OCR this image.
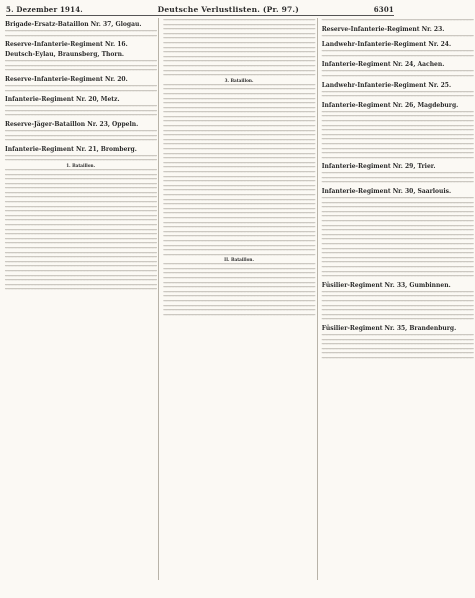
5. Dezember 1914.	Deutsche Verlustlisten. (Pr. 97.)	6301
Brigade-Ersatz-Bataillon Nr. 37, Glogau.
━━━━━━━━━━━━━━━━━━━━━━━━━━━━━━━━━━━━━━━━━━━━━━━━━━━━━━━━━━━━━━━━━━━━━━━━━━━━━━━━━━━━━━━━━━━━━━━━━━━━━━━━━
━━━━━━━━━━━━━━━━━━━━━━━━━━━━━━━━━━━━━━━━━━━━━━━━━━━━━━━━━━━━━━━━━━━━━━━━━━━━━━━━━━━━━━━━━━━━━━━━━━━━━━━━━
Reserve-Infanterie-Regiment Nr. 16.
Deutsch-Eylau, Braunsberg, Thorn.
━━━━━━━━━━━━━━━━━━━━━━━━━━━━━━━━━━━━━━━━━━━━━━━━━━━━━━━━━━━━━━━━━━━━━━━━━━━━━━━━━━━━━━━━━━━━━━━━━━━━━━━━━
━━━━━━━━━━━━━━━━━━━━━━━━━━━━━━━━━━━━━━━━━━━━━━━━━━━━━━━━━━━━━━━━━━━━━━━━━━━━━━━━━━━━━━━━━━━━━━━━━━━━━━━━━
━━━━━━━━━━━━━━━━━━━━━━━━━━━━━━━━━━━━━━━━━━━━━━━━━━━━━━━━━━━━━━━━━━━━━━━━━━━━━━━━━━━━━━━━━━━━━━━━━━━━━━━━━
Reserve-Infanterie-Regiment Nr. 20.
━━━━━━━━━━━━━━━━━━━━━━━━━━━━━━━━━━━━━━━━━━━━━━━━━━━━━━━━━━━━━━━━━━━━━━━━━━━━━━━━━━━━━━━━━━━━━━━━━━━━━━━━━
━━━━━━━━━━━━━━━━━━━━━━━━━━━━━━━━━━━━━━━━━━━━━━━━━━━━━━━━━━━━━━━━━━━━━━━━━━━━━━━━━━━━━━━━━━━━━━━━━━━━━━━━━
Infanterie-Regiment Nr. 20, Metz.
━━━━━━━━━━━━━━━━━━━━━━━━━━━━━━━━━━━━━━━━━━━━━━━━━━━━━━━━━━━━━━━━━━━━━━━━━━━━━━━━━━━━━━━━━━━━━━━━━━━━━━━━━
━━━━━━━━━━━━━━━━━━━━━━━━━━━━━━━━━━━━━━━━━━━━━━━━━━━━━━━━━━━━━━━━━━━━━━━━━━━━━━━━━━━━━━━━━━━━━━━━━━━━━━━━━
━━━━━━━━━━━━━━━━━━━━━━━━━━━━━━━━━━━━━━━━━━━━━━━━━━━━━━━━━━━━━━━━━━━━━━━━━━━━━━━━━━━━━━━━━━━━━━━━━━━━━━━━━
Reserve-Jäger-Bataillon Nr. 23, Oppeln.
━━━━━━━━━━━━━━━━━━━━━━━━━━━━━━━━━━━━━━━━━━━━━━━━━━━━━━━━━━━━━━━━━━━━━━━━━━━━━━━━━━━━━━━━━━━━━━━━━━━━━━━━━
━━━━━━━━━━━━━━━━━━━━━━━━━━━━━━━━━━━━━━━━━━━━━━━━━━━━━━━━━━━━━━━━━━━━━━━━━━━━━━━━━━━━━━━━━━━━━━━━━━━━━━━━━
━━━━━━━━━━━━━━━━━━━━━━━━━━━━━━━━━━━━━━━━━━━━━━━━━━━━━━━━━━━━━━━━━━━━━━━━━━━━━━━━━━━━━━━━━━━━━━━━━━━━━━━━━
Infanterie-Regiment Nr. 21, Bromberg.
━━━━━━━━━━━━━━━━━━━━━━━━━━━━━━━━━━━━━━━━━━━━━━━━━━━━━━━━━━━━━━━━━━━━━━━━━━━━━━━━━━━━━━━━━━━━━━━━━━━━━━━━━
━━━━━━━━━━━━━━━━━━━━━━━━━━━━━━━━━━━━━━━━━━━━━━━━━━━━━━━━━━━━━━━━━━━━━━━━━━━━━━━━━━━━━━━━━━━━━━━━━━━━━━━━━
1. Bataillon.
━━━━━━━━━━━━━━━━━━━━━━━━━━━━━━━━━━━━━━━━━━━━━━━━━━━━━━━━━━━━━━━━━━━━━━━━━━━━━━━━━━━━━━━━━━━━━━━━━━━━━━━━━
━━━━━━━━━━━━━━━━━━━━━━━━━━━━━━━━━━━━━━━━━━━━━━━━━━━━━━━━━━━━━━━━━━━━━━━━━━━━━━━━━━━━━━━━━━━━━━━━━━━━━━━━━
━━━━━━━━━━━━━━━━━━━━━━━━━━━━━━━━━━━━━━━━━━━━━━━━━━━━━━━━━━━━━━━━━━━━━━━━━━━━━━━━━━━━━━━━━━━━━━━━━━━━━━━━━
━━━━━━━━━━━━━━━━━━━━━━━━━━━━━━━━━━━━━━━━━━━━━━━━━━━━━━━━━━━━━━━━━━━━━━━━━━━━━━━━━━━━━━━━━━━━━━━━━━━━━━━━━
━━━━━━━━━━━━━━━━━━━━━━━━━━━━━━━━━━━━━━━━━━━━━━━━━━━━━━━━━━━━━━━━━━━━━━━━━━━━━━━━━━━━━━━━━━━━━━━━━━━━━━━━━
━━━━━━━━━━━━━━━━━━━━━━━━━━━━━━━━━━━━━━━━━━━━━━━━━━━━━━━━━━━━━━━━━━━━━━━━━━━━━━━━━━━━━━━━━━━━━━━━━━━━━━━━━
━━━━━━━━━━━━━━━━━━━━━━━━━━━━━━━━━━━━━━━━━━━━━━━━━━━━━━━━━━━━━━━━━━━━━━━━━━━━━━━━━━━━━━━━━━━━━━━━━━━━━━━━━
━━━━━━━━━━━━━━━━━━━━━━━━━━━━━━━━━━━━━━━━━━━━━━━━━━━━━━━━━━━━━━━━━━━━━━━━━━━━━━━━━━━━━━━━━━━━━━━━━━━━━━━━━
━━━━━━━━━━━━━━━━━━━━━━━━━━━━━━━━━━━━━━━━━━━━━━━━━━━━━━━━━━━━━━━━━━━━━━━━━━━━━━━━━━━━━━━━━━━━━━━━━━━━━━━━━
━━━━━━━━━━━━━━━━━━━━━━━━━━━━━━━━━━━━━━━━━━━━━━━━━━━━━━━━━━━━━━━━━━━━━━━━━━━━━━━━━━━━━━━━━━━━━━━━━━━━━━━━━
━━━━━━━━━━━━━━━━━━━━━━━━━━━━━━━━━━━━━━━━━━━━━━━━━━━━━━━━━━━━━━━━━━━━━━━━━━━━━━━━━━━━━━━━━━━━━━━━━━━━━━━━━
━━━━━━━━━━━━━━━━━━━━━━━━━━━━━━━━━━━━━━━━━━━━━━━━━━━━━━━━━━━━━━━━━━━━━━━━━━━━━━━━━━━━━━━━━━━━━━━━━━━━━━━━━
━━━━━━━━━━━━━━━━━━━━━━━━━━━━━━━━━━━━━━━━━━━━━━━━━━━━━━━━━━━━━━━━━━━━━━━━━━━━━━━━━━━━━━━━━━━━━━━━━━━━━━━━━
━━━━━━━━━━━━━━━━━━━━━━━━━━━━━━━━━━━━━━━━━━━━━━━━━━━━━━━━━━━━━━━━━━━━━━━━━━━━━━━━━━━━━━━━━━━━━━━━━━━━━━━━━
━━━━━━━━━━━━━━━━━━━━━━━━━━━━━━━━━━━━━━━━━━━━━━━━━━━━━━━━━━━━━━━━━━━━━━━━━━━━━━━━━━━━━━━━━━━━━━━━━━━━━━━━━
━━━━━━━━━━━━━━━━━━━━━━━━━━━━━━━━━━━━━━━━━━━━━━━━━━━━━━━━━━━━━━━━━━━━━━━━━━━━━━━━━━━━━━━━━━━━━━━━━━━━━━━━━
━━━━━━━━━━━━━━━━━━━━━━━━━━━━━━━━━━━━━━━━━━━━━━━━━━━━━━━━━━━━━━━━━━━━━━━━━━━━━━━━━━━━━━━━━━━━━━━━━━━━━━━━━
━━━━━━━━━━━━━━━━━━━━━━━━━━━━━━━━━━━━━━━━━━━━━━━━━━━━━━━━━━━━━━━━━━━━━━━━━━━━━━━━━━━━━━━━━━━━━━━━━━━━━━━━━
━━━━━━━━━━━━━━━━━━━━━━━━━━━━━━━━━━━━━━━━━━━━━━━━━━━━━━━━━━━━━━━━━━━━━━━━━━━━━━━━━━━━━━━━━━━━━━━━━━━━━━━━━
━━━━━━━━━━━━━━━━━━━━━━━━━━━━━━━━━━━━━━━━━━━━━━━━━━━━━━━━━━━━━━━━━━━━━━━━━━━━━━━━━━━━━━━━━━━━━━━━━━━━━━━━━
━━━━━━━━━━━━━━━━━━━━━━━━━━━━━━━━━━━━━━━━━━━━━━━━━━━━━━━━━━━━━━━━━━━━━━━━━━━━━━━━━━━━━━━━━━━━━━━━━━━━━━━━━
━━━━━━━━━━━━━━━━━━━━━━━━━━━━━━━━━━━━━━━━━━━━━━━━━━━━━━━━━━━━━━━━━━━━━━━━━━━━━━━━━━━━━━━━━━━━━━━━━━━━━━━━━
━━━━━━━━━━━━━━━━━━━━━━━━━━━━━━━━━━━━━━━━━━━━━━━━━━━━━━━━━━━━━━━━━━━━━━━━━━━━━━━━━━━━━━━━━━━━━━━━━━━━━━━━━
━━━━━━━━━━━━━━━━━━━━━━━━━━━━━━━━━━━━━━━━━━━━━━━━━━━━━━━━━━━━━━━━━━━━━━━━━━━━━━━━━━━━━━━━━━━━━━━━━━━━━━━━━
━━━━━━━━━━━━━━━━━━━━━━━━━━━━━━━━━━━━━━━━━━━━━━━━━━━━━━━━━━━━━━━━━━━━━━━━━━━━━━━━━━━━━━━━━━━━━━━━━━━━━━━━━
━━━━━━━━━━━━━━━━━━━━━━━━━━━━━━━━━━━━━━━━━━━━━━━━━━━━━━━━━━━━━━━━━━━━━━━━━━━━━━━━━━━━━━━━━━━━━━━━━━━━━━━━━
━━━━━━━━━━━━━━━━━━━━━━━━━━━━━━━━━━━━━━━━━━━━━━━━━━━━━━━━━━━━━━━━━━━━━━━━━━━━━━━━━━━━━━━━━━━━━━━━━━━━━━━━━
━━━━━━━━━━━━━━━━━━━━━━━━━━━━━━━━━━━━━━━━━━━━━━━━━━━━━━━━━━━━━━━━━━━━━━━━━━━━━━━━━━━━━━━━━━━━━━━━━━━━━━━━━
━━━━━━━━━━━━━━━━━━━━━━━━━━━━━━━━━━━━━━━━━━━━━━━━━━━━━━━━━━━━━━━━━━━━━━━━━━━━━━━━━━━━━━━━━━━━━━━━━━━━━━━━━
━━━━━━━━━━━━━━━━━━━━━━━━━━━━━━━━━━━━━━━━━━━━━━━━━━━━━━━━━━━━━━━━━━━━━━━━━━━━━━━━━━━━━━━━━━━━━━━━━━━━━━━━━
━━━━━━━━━━━━━━━━━━━━━━━━━━━━━━━━━━━━━━━━━━━━━━━━━━━━━━━━━━━━━━━━━━━━━━━━━━━━━━━━━━━━━━━━━━━━━━━━━━━━━━━━━
━━━━━━━━━━━━━━━━━━━━━━━━━━━━━━━━━━━━━━━━━━━━━━━━━━━━━━━━━━━━━━━━━━━━━━━━━━━━━━━━━━━━━━━━━━━━━━━━━━━━━━━━━
━━━━━━━━━━━━━━━━━━━━━━━━━━━━━━━━━━━━━━━━━━━━━━━━━━━━━━━━━━━━━━━━━━━━━━━━━━━━━━━━━━━━━━━━━━━━━━━━━━━━━━━━━
━━━━━━━━━━━━━━━━━━━━━━━━━━━━━━━━━━━━━━━━━━━━━━━━━━━━━━━━━━━━━━━━━━━━━━━━━━━━━━━━━━━━━━━━━━━━━━━━━━━━━━━━━
━━━━━━━━━━━━━━━━━━━━━━━━━━━━━━━━━━━━━━━━━━━━━━━━━━━━━━━━━━━━━━━━━━━━━━━━━━━━━━━━━━━━━━━━━━━━━━━━━━━━━━━━━
━━━━━━━━━━━━━━━━━━━━━━━━━━━━━━━━━━━━━━━━━━━━━━━━━━━━━━━━━━━━━━━━━━━━━━━━━━━━━━━━━━━━━━━━━━━━━━━━━━━━━━━━━
━━━━━━━━━━━━━━━━━━━━━━━━━━━━━━━━━━━━━━━━━━━━━━━━━━━━━━━━━━━━━━━━━━━━━━━━━━━━━━━━━━━━━━━━━━━━━━━━━━━━━━━━━
━━━━━━━━━━━━━━━━━━━━━━━━━━━━━━━━━━━━━━━━━━━━━━━━━━━━━━━━━━━━━━━━━━━━━━━━━━━━━━━━━━━━━━━━━━━━━━━━━━━━━━━━━
━━━━━━━━━━━━━━━━━━━━━━━━━━━━━━━━━━━━━━━━━━━━━━━━━━━━━━━━━━━━━━━━━━━━━━━━━━━━━━━━━━━━━━━━━━━━━━━━━━━━━━━━━
━━━━━━━━━━━━━━━━━━━━━━━━━━━━━━━━━━━━━━━━━━━━━━━━━━━━━━━━━━━━━━━━━━━━━━━━━━━━━━━━━━━━━━━━━━━━━━━━━━━━━━━━━
3. Bataillon.
━━━━━━━━━━━━━━━━━━━━━━━━━━━━━━━━━━━━━━━━━━━━━━━━━━━━━━━━━━━━━━━━━━━━━━━━━━━━━━━━━━━━━━━━━━━━━━━━━━━━━━━━━
━━━━━━━━━━━━━━━━━━━━━━━━━━━━━━━━━━━━━━━━━━━━━━━━━━━━━━━━━━━━━━━━━━━━━━━━━━━━━━━━━━━━━━━━━━━━━━━━━━━━━━━━━
━━━━━━━━━━━━━━━━━━━━━━━━━━━━━━━━━━━━━━━━━━━━━━━━━━━━━━━━━━━━━━━━━━━━━━━━━━━━━━━━━━━━━━━━━━━━━━━━━━━━━━━━━
━━━━━━━━━━━━━━━━━━━━━━━━━━━━━━━━━━━━━━━━━━━━━━━━━━━━━━━━━━━━━━━━━━━━━━━━━━━━━━━━━━━━━━━━━━━━━━━━━━━━━━━━━
━━━━━━━━━━━━━━━━━━━━━━━━━━━━━━━━━━━━━━━━━━━━━━━━━━━━━━━━━━━━━━━━━━━━━━━━━━━━━━━━━━━━━━━━━━━━━━━━━━━━━━━━━
━━━━━━━━━━━━━━━━━━━━━━━━━━━━━━━━━━━━━━━━━━━━━━━━━━━━━━━━━━━━━━━━━━━━━━━━━━━━━━━━━━━━━━━━━━━━━━━━━━━━━━━━━
━━━━━━━━━━━━━━━━━━━━━━━━━━━━━━━━━━━━━━━━━━━━━━━━━━━━━━━━━━━━━━━━━━━━━━━━━━━━━━━━━━━━━━━━━━━━━━━━━━━━━━━━━
━━━━━━━━━━━━━━━━━━━━━━━━━━━━━━━━━━━━━━━━━━━━━━━━━━━━━━━━━━━━━━━━━━━━━━━━━━━━━━━━━━━━━━━━━━━━━━━━━━━━━━━━━
━━━━━━━━━━━━━━━━━━━━━━━━━━━━━━━━━━━━━━━━━━━━━━━━━━━━━━━━━━━━━━━━━━━━━━━━━━━━━━━━━━━━━━━━━━━━━━━━━━━━━━━━━
━━━━━━━━━━━━━━━━━━━━━━━━━━━━━━━━━━━━━━━━━━━━━━━━━━━━━━━━━━━━━━━━━━━━━━━━━━━━━━━━━━━━━━━━━━━━━━━━━━━━━━━━━
━━━━━━━━━━━━━━━━━━━━━━━━━━━━━━━━━━━━━━━━━━━━━━━━━━━━━━━━━━━━━━━━━━━━━━━━━━━━━━━━━━━━━━━━━━━━━━━━━━━━━━━━━
━━━━━━━━━━━━━━━━━━━━━━━━━━━━━━━━━━━━━━━━━━━━━━━━━━━━━━━━━━━━━━━━━━━━━━━━━━━━━━━━━━━━━━━━━━━━━━━━━━━━━━━━━
━━━━━━━━━━━━━━━━━━━━━━━━━━━━━━━━━━━━━━━━━━━━━━━━━━━━━━━━━━━━━━━━━━━━━━━━━━━━━━━━━━━━━━━━━━━━━━━━━━━━━━━━━
━━━━━━━━━━━━━━━━━━━━━━━━━━━━━━━━━━━━━━━━━━━━━━━━━━━━━━━━━━━━━━━━━━━━━━━━━━━━━━━━━━━━━━━━━━━━━━━━━━━━━━━━━
━━━━━━━━━━━━━━━━━━━━━━━━━━━━━━━━━━━━━━━━━━━━━━━━━━━━━━━━━━━━━━━━━━━━━━━━━━━━━━━━━━━━━━━━━━━━━━━━━━━━━━━━━
━━━━━━━━━━━━━━━━━━━━━━━━━━━━━━━━━━━━━━━━━━━━━━━━━━━━━━━━━━━━━━━━━━━━━━━━━━━━━━━━━━━━━━━━━━━━━━━━━━━━━━━━━
━━━━━━━━━━━━━━━━━━━━━━━━━━━━━━━━━━━━━━━━━━━━━━━━━━━━━━━━━━━━━━━━━━━━━━━━━━━━━━━━━━━━━━━━━━━━━━━━━━━━━━━━━
━━━━━━━━━━━━━━━━━━━━━━━━━━━━━━━━━━━━━━━━━━━━━━━━━━━━━━━━━━━━━━━━━━━━━━━━━━━━━━━━━━━━━━━━━━━━━━━━━━━━━━━━━
━━━━━━━━━━━━━━━━━━━━━━━━━━━━━━━━━━━━━━━━━━━━━━━━━━━━━━━━━━━━━━━━━━━━━━━━━━━━━━━━━━━━━━━━━━━━━━━━━━━━━━━━━
━━━━━━━━━━━━━━━━━━━━━━━━━━━━━━━━━━━━━━━━━━━━━━━━━━━━━━━━━━━━━━━━━━━━━━━━━━━━━━━━━━━━━━━━━━━━━━━━━━━━━━━━━
━━━━━━━━━━━━━━━━━━━━━━━━━━━━━━━━━━━━━━━━━━━━━━━━━━━━━━━━━━━━━━━━━━━━━━━━━━━━━━━━━━━━━━━━━━━━━━━━━━━━━━━━━
━━━━━━━━━━━━━━━━━━━━━━━━━━━━━━━━━━━━━━━━━━━━━━━━━━━━━━━━━━━━━━━━━━━━━━━━━━━━━━━━━━━━━━━━━━━━━━━━━━━━━━━━━
━━━━━━━━━━━━━━━━━━━━━━━━━━━━━━━━━━━━━━━━━━━━━━━━━━━━━━━━━━━━━━━━━━━━━━━━━━━━━━━━━━━━━━━━━━━━━━━━━━━━━━━━━
━━━━━━━━━━━━━━━━━━━━━━━━━━━━━━━━━━━━━━━━━━━━━━━━━━━━━━━━━━━━━━━━━━━━━━━━━━━━━━━━━━━━━━━━━━━━━━━━━━━━━━━━━
━━━━━━━━━━━━━━━━━━━━━━━━━━━━━━━━━━━━━━━━━━━━━━━━━━━━━━━━━━━━━━━━━━━━━━━━━━━━━━━━━━━━━━━━━━━━━━━━━━━━━━━━━
━━━━━━━━━━━━━━━━━━━━━━━━━━━━━━━━━━━━━━━━━━━━━━━━━━━━━━━━━━━━━━━━━━━━━━━━━━━━━━━━━━━━━━━━━━━━━━━━━━━━━━━━━
━━━━━━━━━━━━━━━━━━━━━━━━━━━━━━━━━━━━━━━━━━━━━━━━━━━━━━━━━━━━━━━━━━━━━━━━━━━━━━━━━━━━━━━━━━━━━━━━━━━━━━━━━
━━━━━━━━━━━━━━━━━━━━━━━━━━━━━━━━━━━━━━━━━━━━━━━━━━━━━━━━━━━━━━━━━━━━━━━━━━━━━━━━━━━━━━━━━━━━━━━━━━━━━━━━━
━━━━━━━━━━━━━━━━━━━━━━━━━━━━━━━━━━━━━━━━━━━━━━━━━━━━━━━━━━━━━━━━━━━━━━━━━━━━━━━━━━━━━━━━━━━━━━━━━━━━━━━━━
━━━━━━━━━━━━━━━━━━━━━━━━━━━━━━━━━━━━━━━━━━━━━━━━━━━━━━━━━━━━━━━━━━━━━━━━━━━━━━━━━━━━━━━━━━━━━━━━━━━━━━━━━
━━━━━━━━━━━━━━━━━━━━━━━━━━━━━━━━━━━━━━━━━━━━━━━━━━━━━━━━━━━━━━━━━━━━━━━━━━━━━━━━━━━━━━━━━━━━━━━━━━━━━━━━━
━━━━━━━━━━━━━━━━━━━━━━━━━━━━━━━━━━━━━━━━━━━━━━━━━━━━━━━━━━━━━━━━━━━━━━━━━━━━━━━━━━━━━━━━━━━━━━━━━━━━━━━━━
━━━━━━━━━━━━━━━━━━━━━━━━━━━━━━━━━━━━━━━━━━━━━━━━━━━━━━━━━━━━━━━━━━━━━━━━━━━━━━━━━━━━━━━━━━━━━━━━━━━━━━━━━
━━━━━━━━━━━━━━━━━━━━━━━━━━━━━━━━━━━━━━━━━━━━━━━━━━━━━━━━━━━━━━━━━━━━━━━━━━━━━━━━━━━━━━━━━━━━━━━━━━━━━━━━━
━━━━━━━━━━━━━━━━━━━━━━━━━━━━━━━━━━━━━━━━━━━━━━━━━━━━━━━━━━━━━━━━━━━━━━━━━━━━━━━━━━━━━━━━━━━━━━━━━━━━━━━━━
━━━━━━━━━━━━━━━━━━━━━━━━━━━━━━━━━━━━━━━━━━━━━━━━━━━━━━━━━━━━━━━━━━━━━━━━━━━━━━━━━━━━━━━━━━━━━━━━━━━━━━━━━
━━━━━━━━━━━━━━━━━━━━━━━━━━━━━━━━━━━━━━━━━━━━━━━━━━━━━━━━━━━━━━━━━━━━━━━━━━━━━━━━━━━━━━━━━━━━━━━━━━━━━━━━━
━━━━━━━━━━━━━━━━━━━━━━━━━━━━━━━━━━━━━━━━━━━━━━━━━━━━━━━━━━━━━━━━━━━━━━━━━━━━━━━━━━━━━━━━━━━━━━━━━━━━━━━━━
II. Bataillon.
━━━━━━━━━━━━━━━━━━━━━━━━━━━━━━━━━━━━━━━━━━━━━━━━━━━━━━━━━━━━━━━━━━━━━━━━━━━━━━━━━━━━━━━━━━━━━━━━━━━━━━━━━
━━━━━━━━━━━━━━━━━━━━━━━━━━━━━━━━━━━━━━━━━━━━━━━━━━━━━━━━━━━━━━━━━━━━━━━━━━━━━━━━━━━━━━━━━━━━━━━━━━━━━━━━━
━━━━━━━━━━━━━━━━━━━━━━━━━━━━━━━━━━━━━━━━━━━━━━━━━━━━━━━━━━━━━━━━━━━━━━━━━━━━━━━━━━━━━━━━━━━━━━━━━━━━━━━━━
━━━━━━━━━━━━━━━━━━━━━━━━━━━━━━━━━━━━━━━━━━━━━━━━━━━━━━━━━━━━━━━━━━━━━━━━━━━━━━━━━━━━━━━━━━━━━━━━━━━━━━━━━
━━━━━━━━━━━━━━━━━━━━━━━━━━━━━━━━━━━━━━━━━━━━━━━━━━━━━━━━━━━━━━━━━━━━━━━━━━━━━━━━━━━━━━━━━━━━━━━━━━━━━━━━━
━━━━━━━━━━━━━━━━━━━━━━━━━━━━━━━━━━━━━━━━━━━━━━━━━━━━━━━━━━━━━━━━━━━━━━━━━━━━━━━━━━━━━━━━━━━━━━━━━━━━━━━━━
━━━━━━━━━━━━━━━━━━━━━━━━━━━━━━━━━━━━━━━━━━━━━━━━━━━━━━━━━━━━━━━━━━━━━━━━━━━━━━━━━━━━━━━━━━━━━━━━━━━━━━━━━
━━━━━━━━━━━━━━━━━━━━━━━━━━━━━━━━━━━━━━━━━━━━━━━━━━━━━━━━━━━━━━━━━━━━━━━━━━━━━━━━━━━━━━━━━━━━━━━━━━━━━━━━━
━━━━━━━━━━━━━━━━━━━━━━━━━━━━━━━━━━━━━━━━━━━━━━━━━━━━━━━━━━━━━━━━━━━━━━━━━━━━━━━━━━━━━━━━━━━━━━━━━━━━━━━━━
━━━━━━━━━━━━━━━━━━━━━━━━━━━━━━━━━━━━━━━━━━━━━━━━━━━━━━━━━━━━━━━━━━━━━━━━━━━━━━━━━━━━━━━━━━━━━━━━━━━━━━━━━
━━━━━━━━━━━━━━━━━━━━━━━━━━━━━━━━━━━━━━━━━━━━━━━━━━━━━━━━━━━━━━━━━━━━━━━━━━━━━━━━━━━━━━━━━━━━━━━━━━━━━━━━━
━━━━━━━━━━━━━━━━━━━━━━━━━━━━━━━━━━━━━━━━━━━━━━━━━━━━━━━━━━━━━━━━━━━━━━━━━━━━━━━━━━━━━━━━━━━━━━━━━━━━━━━━━
━━━━━━━━━━━━━━━━━━━━━━━━━━━━━━━━━━━━━━━━━━━━━━━━━━━━━━━━━━━━━━━━━━━━━━━━━━━━━━━━━━━━━━━━━━━━━━━━━━━━━━━━━
Reserve-Infanterie-Regiment Nr. 23.
━━━━━━━━━━━━━━━━━━━━━━━━━━━━━━━━━━━━━━━━━━━━━━━━━━━━━━━━━━━━━━━━━━━━━━━━━━━━━━━━━━━━━━━━━━━━━━━━━━━━━━━━━
Landwehr-Infanterie-Regiment Nr. 24.
━━━━━━━━━━━━━━━━━━━━━━━━━━━━━━━━━━━━━━━━━━━━━━━━━━━━━━━━━━━━━━━━━━━━━━━━━━━━━━━━━━━━━━━━━━━━━━━━━━━━━━━━━
━━━━━━━━━━━━━━━━━━━━━━━━━━━━━━━━━━━━━━━━━━━━━━━━━━━━━━━━━━━━━━━━━━━━━━━━━━━━━━━━━━━━━━━━━━━━━━━━━━━━━━━━━
Infanterie-Regiment Nr. 24, Aachen.
━━━━━━━━━━━━━━━━━━━━━━━━━━━━━━━━━━━━━━━━━━━━━━━━━━━━━━━━━━━━━━━━━━━━━━━━━━━━━━━━━━━━━━━━━━━━━━━━━━━━━━━━━
━━━━━━━━━━━━━━━━━━━━━━━━━━━━━━━━━━━━━━━━━━━━━━━━━━━━━━━━━━━━━━━━━━━━━━━━━━━━━━━━━━━━━━━━━━━━━━━━━━━━━━━━━
Landwehr-Infanterie-Regiment Nr. 25.
━━━━━━━━━━━━━━━━━━━━━━━━━━━━━━━━━━━━━━━━━━━━━━━━━━━━━━━━━━━━━━━━━━━━━━━━━━━━━━━━━━━━━━━━━━━━━━━━━━━━━━━━━
━━━━━━━━━━━━━━━━━━━━━━━━━━━━━━━━━━━━━━━━━━━━━━━━━━━━━━━━━━━━━━━━━━━━━━━━━━━━━━━━━━━━━━━━━━━━━━━━━━━━━━━━━
Infanterie-Regiment Nr. 26, Magdeburg.
━━━━━━━━━━━━━━━━━━━━━━━━━━━━━━━━━━━━━━━━━━━━━━━━━━━━━━━━━━━━━━━━━━━━━━━━━━━━━━━━━━━━━━━━━━━━━━━━━━━━━━━━━
━━━━━━━━━━━━━━━━━━━━━━━━━━━━━━━━━━━━━━━━━━━━━━━━━━━━━━━━━━━━━━━━━━━━━━━━━━━━━━━━━━━━━━━━━━━━━━━━━━━━━━━━━
━━━━━━━━━━━━━━━━━━━━━━━━━━━━━━━━━━━━━━━━━━━━━━━━━━━━━━━━━━━━━━━━━━━━━━━━━━━━━━━━━━━━━━━━━━━━━━━━━━━━━━━━━
━━━━━━━━━━━━━━━━━━━━━━━━━━━━━━━━━━━━━━━━━━━━━━━━━━━━━━━━━━━━━━━━━━━━━━━━━━━━━━━━━━━━━━━━━━━━━━━━━━━━━━━━━
━━━━━━━━━━━━━━━━━━━━━━━━━━━━━━━━━━━━━━━━━━━━━━━━━━━━━━━━━━━━━━━━━━━━━━━━━━━━━━━━━━━━━━━━━━━━━━━━━━━━━━━━━
━━━━━━━━━━━━━━━━━━━━━━━━━━━━━━━━━━━━━━━━━━━━━━━━━━━━━━━━━━━━━━━━━━━━━━━━━━━━━━━━━━━━━━━━━━━━━━━━━━━━━━━━━
━━━━━━━━━━━━━━━━━━━━━━━━━━━━━━━━━━━━━━━━━━━━━━━━━━━━━━━━━━━━━━━━━━━━━━━━━━━━━━━━━━━━━━━━━━━━━━━━━━━━━━━━━
━━━━━━━━━━━━━━━━━━━━━━━━━━━━━━━━━━━━━━━━━━━━━━━━━━━━━━━━━━━━━━━━━━━━━━━━━━━━━━━━━━━━━━━━━━━━━━━━━━━━━━━━━
━━━━━━━━━━━━━━━━━━━━━━━━━━━━━━━━━━━━━━━━━━━━━━━━━━━━━━━━━━━━━━━━━━━━━━━━━━━━━━━━━━━━━━━━━━━━━━━━━━━━━━━━━
━━━━━━━━━━━━━━━━━━━━━━━━━━━━━━━━━━━━━━━━━━━━━━━━━━━━━━━━━━━━━━━━━━━━━━━━━━━━━━━━━━━━━━━━━━━━━━━━━━━━━━━━━
━━━━━━━━━━━━━━━━━━━━━━━━━━━━━━━━━━━━━━━━━━━━━━━━━━━━━━━━━━━━━━━━━━━━━━━━━━━━━━━━━━━━━━━━━━━━━━━━━━━━━━━━━
Infanterie-Regiment Nr. 29, Trier.
━━━━━━━━━━━━━━━━━━━━━━━━━━━━━━━━━━━━━━━━━━━━━━━━━━━━━━━━━━━━━━━━━━━━━━━━━━━━━━━━━━━━━━━━━━━━━━━━━━━━━━━━━
━━━━━━━━━━━━━━━━━━━━━━━━━━━━━━━━━━━━━━━━━━━━━━━━━━━━━━━━━━━━━━━━━━━━━━━━━━━━━━━━━━━━━━━━━━━━━━━━━━━━━━━━━
━━━━━━━━━━━━━━━━━━━━━━━━━━━━━━━━━━━━━━━━━━━━━━━━━━━━━━━━━━━━━━━━━━━━━━━━━━━━━━━━━━━━━━━━━━━━━━━━━━━━━━━━━
Infanterie-Regiment Nr. 30, Saarlouis.
━━━━━━━━━━━━━━━━━━━━━━━━━━━━━━━━━━━━━━━━━━━━━━━━━━━━━━━━━━━━━━━━━━━━━━━━━━━━━━━━━━━━━━━━━━━━━━━━━━━━━━━━━
━━━━━━━━━━━━━━━━━━━━━━━━━━━━━━━━━━━━━━━━━━━━━━━━━━━━━━━━━━━━━━━━━━━━━━━━━━━━━━━━━━━━━━━━━━━━━━━━━━━━━━━━━
━━━━━━━━━━━━━━━━━━━━━━━━━━━━━━━━━━━━━━━━━━━━━━━━━━━━━━━━━━━━━━━━━━━━━━━━━━━━━━━━━━━━━━━━━━━━━━━━━━━━━━━━━
━━━━━━━━━━━━━━━━━━━━━━━━━━━━━━━━━━━━━━━━━━━━━━━━━━━━━━━━━━━━━━━━━━━━━━━━━━━━━━━━━━━━━━━━━━━━━━━━━━━━━━━━━
━━━━━━━━━━━━━━━━━━━━━━━━━━━━━━━━━━━━━━━━━━━━━━━━━━━━━━━━━━━━━━━━━━━━━━━━━━━━━━━━━━━━━━━━━━━━━━━━━━━━━━━━━
━━━━━━━━━━━━━━━━━━━━━━━━━━━━━━━━━━━━━━━━━━━━━━━━━━━━━━━━━━━━━━━━━━━━━━━━━━━━━━━━━━━━━━━━━━━━━━━━━━━━━━━━━
━━━━━━━━━━━━━━━━━━━━━━━━━━━━━━━━━━━━━━━━━━━━━━━━━━━━━━━━━━━━━━━━━━━━━━━━━━━━━━━━━━━━━━━━━━━━━━━━━━━━━━━━━
━━━━━━━━━━━━━━━━━━━━━━━━━━━━━━━━━━━━━━━━━━━━━━━━━━━━━━━━━━━━━━━━━━━━━━━━━━━━━━━━━━━━━━━━━━━━━━━━━━━━━━━━━
━━━━━━━━━━━━━━━━━━━━━━━━━━━━━━━━━━━━━━━━━━━━━━━━━━━━━━━━━━━━━━━━━━━━━━━━━━━━━━━━━━━━━━━━━━━━━━━━━━━━━━━━━
━━━━━━━━━━━━━━━━━━━━━━━━━━━━━━━━━━━━━━━━━━━━━━━━━━━━━━━━━━━━━━━━━━━━━━━━━━━━━━━━━━━━━━━━━━━━━━━━━━━━━━━━━
━━━━━━━━━━━━━━━━━━━━━━━━━━━━━━━━━━━━━━━━━━━━━━━━━━━━━━━━━━━━━━━━━━━━━━━━━━━━━━━━━━━━━━━━━━━━━━━━━━━━━━━━━
━━━━━━━━━━━━━━━━━━━━━━━━━━━━━━━━━━━━━━━━━━━━━━━━━━━━━━━━━━━━━━━━━━━━━━━━━━━━━━━━━━━━━━━━━━━━━━━━━━━━━━━━━
━━━━━━━━━━━━━━━━━━━━━━━━━━━━━━━━━━━━━━━━━━━━━━━━━━━━━━━━━━━━━━━━━━━━━━━━━━━━━━━━━━━━━━━━━━━━━━━━━━━━━━━━━
━━━━━━━━━━━━━━━━━━━━━━━━━━━━━━━━━━━━━━━━━━━━━━━━━━━━━━━━━━━━━━━━━━━━━━━━━━━━━━━━━━━━━━━━━━━━━━━━━━━━━━━━━
━━━━━━━━━━━━━━━━━━━━━━━━━━━━━━━━━━━━━━━━━━━━━━━━━━━━━━━━━━━━━━━━━━━━━━━━━━━━━━━━━━━━━━━━━━━━━━━━━━━━━━━━━
━━━━━━━━━━━━━━━━━━━━━━━━━━━━━━━━━━━━━━━━━━━━━━━━━━━━━━━━━━━━━━━━━━━━━━━━━━━━━━━━━━━━━━━━━━━━━━━━━━━━━━━━━
━━━━━━━━━━━━━━━━━━━━━━━━━━━━━━━━━━━━━━━━━━━━━━━━━━━━━━━━━━━━━━━━━━━━━━━━━━━━━━━━━━━━━━━━━━━━━━━━━━━━━━━━━
━━━━━━━━━━━━━━━━━━━━━━━━━━━━━━━━━━━━━━━━━━━━━━━━━━━━━━━━━━━━━━━━━━━━━━━━━━━━━━━━━━━━━━━━━━━━━━━━━━━━━━━━━
Füsilier-Regiment Nr. 33, Gumbinnen.
━━━━━━━━━━━━━━━━━━━━━━━━━━━━━━━━━━━━━━━━━━━━━━━━━━━━━━━━━━━━━━━━━━━━━━━━━━━━━━━━━━━━━━━━━━━━━━━━━━━━━━━━━
━━━━━━━━━━━━━━━━━━━━━━━━━━━━━━━━━━━━━━━━━━━━━━━━━━━━━━━━━━━━━━━━━━━━━━━━━━━━━━━━━━━━━━━━━━━━━━━━━━━━━━━━━
━━━━━━━━━━━━━━━━━━━━━━━━━━━━━━━━━━━━━━━━━━━━━━━━━━━━━━━━━━━━━━━━━━━━━━━━━━━━━━━━━━━━━━━━━━━━━━━━━━━━━━━━━
━━━━━━━━━━━━━━━━━━━━━━━━━━━━━━━━━━━━━━━━━━━━━━━━━━━━━━━━━━━━━━━━━━━━━━━━━━━━━━━━━━━━━━━━━━━━━━━━━━━━━━━━━
━━━━━━━━━━━━━━━━━━━━━━━━━━━━━━━━━━━━━━━━━━━━━━━━━━━━━━━━━━━━━━━━━━━━━━━━━━━━━━━━━━━━━━━━━━━━━━━━━━━━━━━━━
━━━━━━━━━━━━━━━━━━━━━━━━━━━━━━━━━━━━━━━━━━━━━━━━━━━━━━━━━━━━━━━━━━━━━━━━━━━━━━━━━━━━━━━━━━━━━━━━━━━━━━━━━
━━━━━━━━━━━━━━━━━━━━━━━━━━━━━━━━━━━━━━━━━━━━━━━━━━━━━━━━━━━━━━━━━━━━━━━━━━━━━━━━━━━━━━━━━━━━━━━━━━━━━━━━━
Füsilier-Regiment Nr. 35, Brandenburg.
━━━━━━━━━━━━━━━━━━━━━━━━━━━━━━━━━━━━━━━━━━━━━━━━━━━━━━━━━━━━━━━━━━━━━━━━━━━━━━━━━━━━━━━━━━━━━━━━━━━━━━━━━
━━━━━━━━━━━━━━━━━━━━━━━━━━━━━━━━━━━━━━━━━━━━━━━━━━━━━━━━━━━━━━━━━━━━━━━━━━━━━━━━━━━━━━━━━━━━━━━━━━━━━━━━━
━━━━━━━━━━━━━━━━━━━━━━━━━━━━━━━━━━━━━━━━━━━━━━━━━━━━━━━━━━━━━━━━━━━━━━━━━━━━━━━━━━━━━━━━━━━━━━━━━━━━━━━━━
━━━━━━━━━━━━━━━━━━━━━━━━━━━━━━━━━━━━━━━━━━━━━━━━━━━━━━━━━━━━━━━━━━━━━━━━━━━━━━━━━━━━━━━━━━━━━━━━━━━━━━━━━
━━━━━━━━━━━━━━━━━━━━━━━━━━━━━━━━━━━━━━━━━━━━━━━━━━━━━━━━━━━━━━━━━━━━━━━━━━━━━━━━━━━━━━━━━━━━━━━━━━━━━━━━━
━━━━━━━━━━━━━━━━━━━━━━━━━━━━━━━━━━━━━━━━━━━━━━━━━━━━━━━━━━━━━━━━━━━━━━━━━━━━━━━━━━━━━━━━━━━━━━━━━━━━━━━━━
